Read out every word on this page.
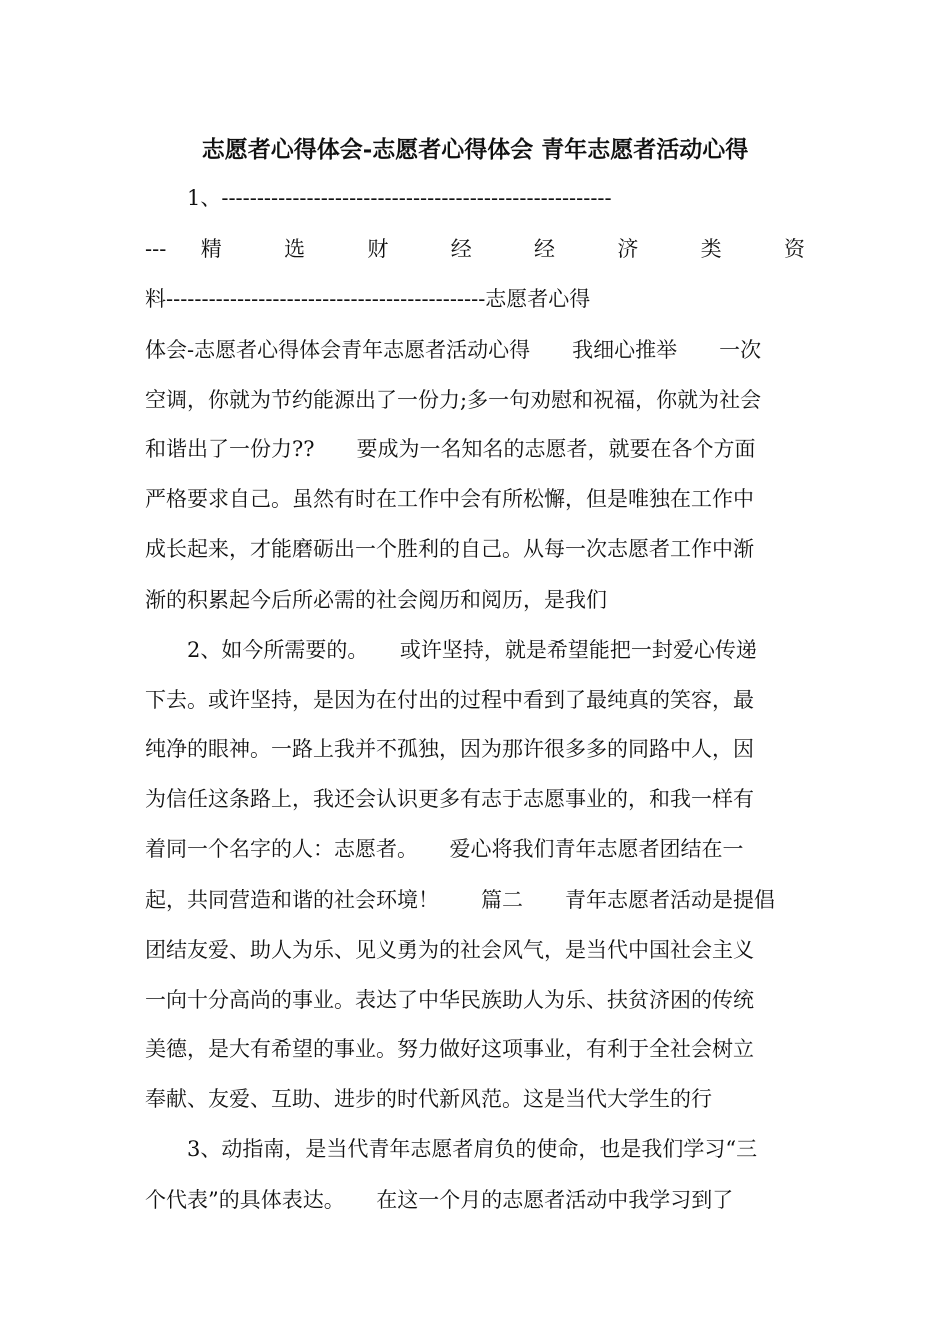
志愿者心得体会-志愿者心得体会 青年志愿者活动心得
1、-------------------------------------------------------
--- 精 选 财 经 经 济 类 资
料---------------------------------------------志愿者心得
体会-志愿者心得体会青年志愿者活动心得　　我细心推举　　一次
空调，你就为节约能源出了一份力;多一句劝慰和祝福，你就为社会
和谐出了一份力??　　要成为一名知名的志愿者，就要在各个方面
严格要求自己。虽然有时在工作中会有所松懈，但是唯独在工作中
成长起来，才能磨砺出一个胜利的自己。从每一次志愿者工作中渐
渐的积累起今后所必需的社会阅历和阅历，是我们
2、如今所需要的。　　或许坚持，就是希望能把一封爱心传递
下去。或许坚持，是因为在付出的过程中看到了最纯真的笑容，最
纯净的眼神。一路上我并不孤独，因为那许很多多的同路中人，因
为信任这条路上，我还会认识更多有志于志愿事业的，和我一样有
着同一个名字的人：志愿者。　　爱心将我们青年志愿者团结在一
起，共同营造和谐的社会环境！　　篇二　　青年志愿者活动是提倡
团结友爱、助人为乐、见义勇为的社会风气，是当代中国社会主义
一向十分高尚的事业。表达了中华民族助人为乐、扶贫济困的传统
美德，是大有希望的事业。努力做好这项事业，有利于全社会树立
奉献、友爱、互助、进步的时代新风范。这是当代大学生的行
3、动指南，是当代青年志愿者肩负的使命，也是我们学习“三
个代表”的具体表达。　　在这一个月的志愿者活动中我学习到了
